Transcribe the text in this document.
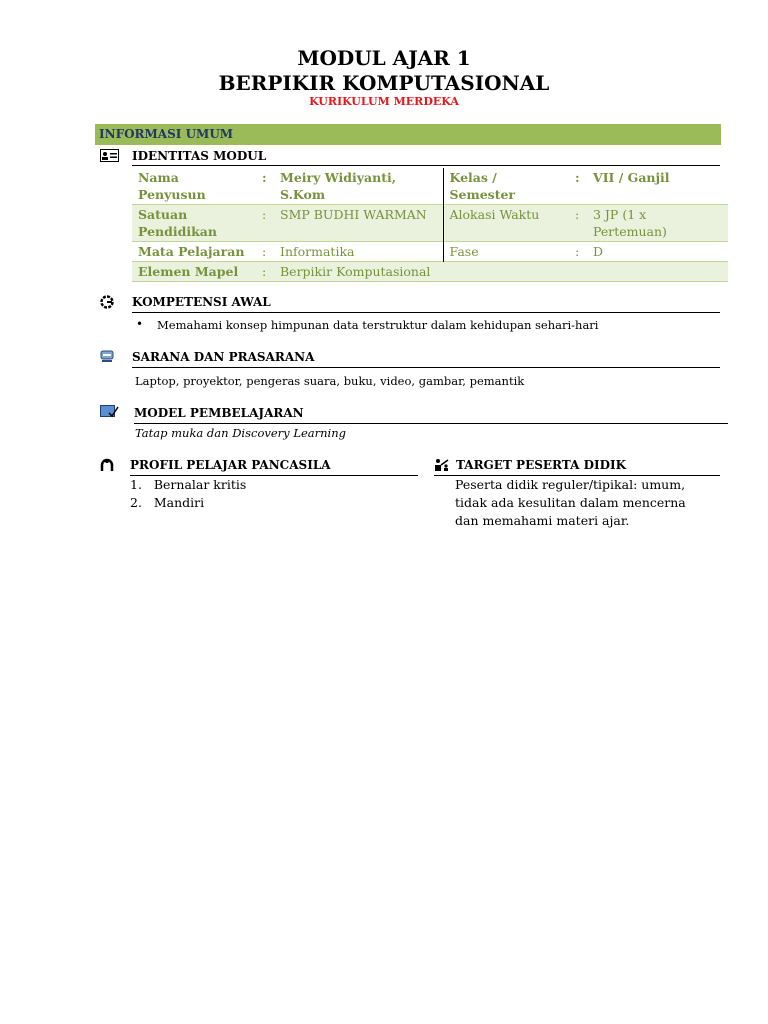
MODUL AJAR 1
BERPIKIR KOMPUTASIONAL
KURIKULUM MERDEKA
INFORMASI UMUM
IDENTITAS MODUL
Nama Penyusun	:	Meiry Widiyanti, S.Kom	Kelas / Semester	:	VII / Ganjil
Satuan Pendidikan	:	SMP BUDHI WARMAN	Alokasi Waktu	:	3 JP (1 x Pertemuan)
Mata Pelajaran	:	Informatika	Fase	:	D
Elemen Mapel	:	Berpikir Komputasional			
KOMPETENSI AWAL
• Memahami konsep himpunan data terstruktur dalam kehidupan sehari-hari
SARANA DAN PRASARANA
Laptop, proyektor, pengeras suara, buku, video, gambar, pemantik
MODEL PEMBELAJARAN
Tatap muka dan Discovery Learning
PROFIL PELAJAR PANCASILA
1.   Bernalar kritis
2.   Mandiri
TARGET PESERTA DIDIK
Peserta didik reguler/tipikal: umum,
tidak ada kesulitan dalam mencerna
dan memahami materi ajar.
